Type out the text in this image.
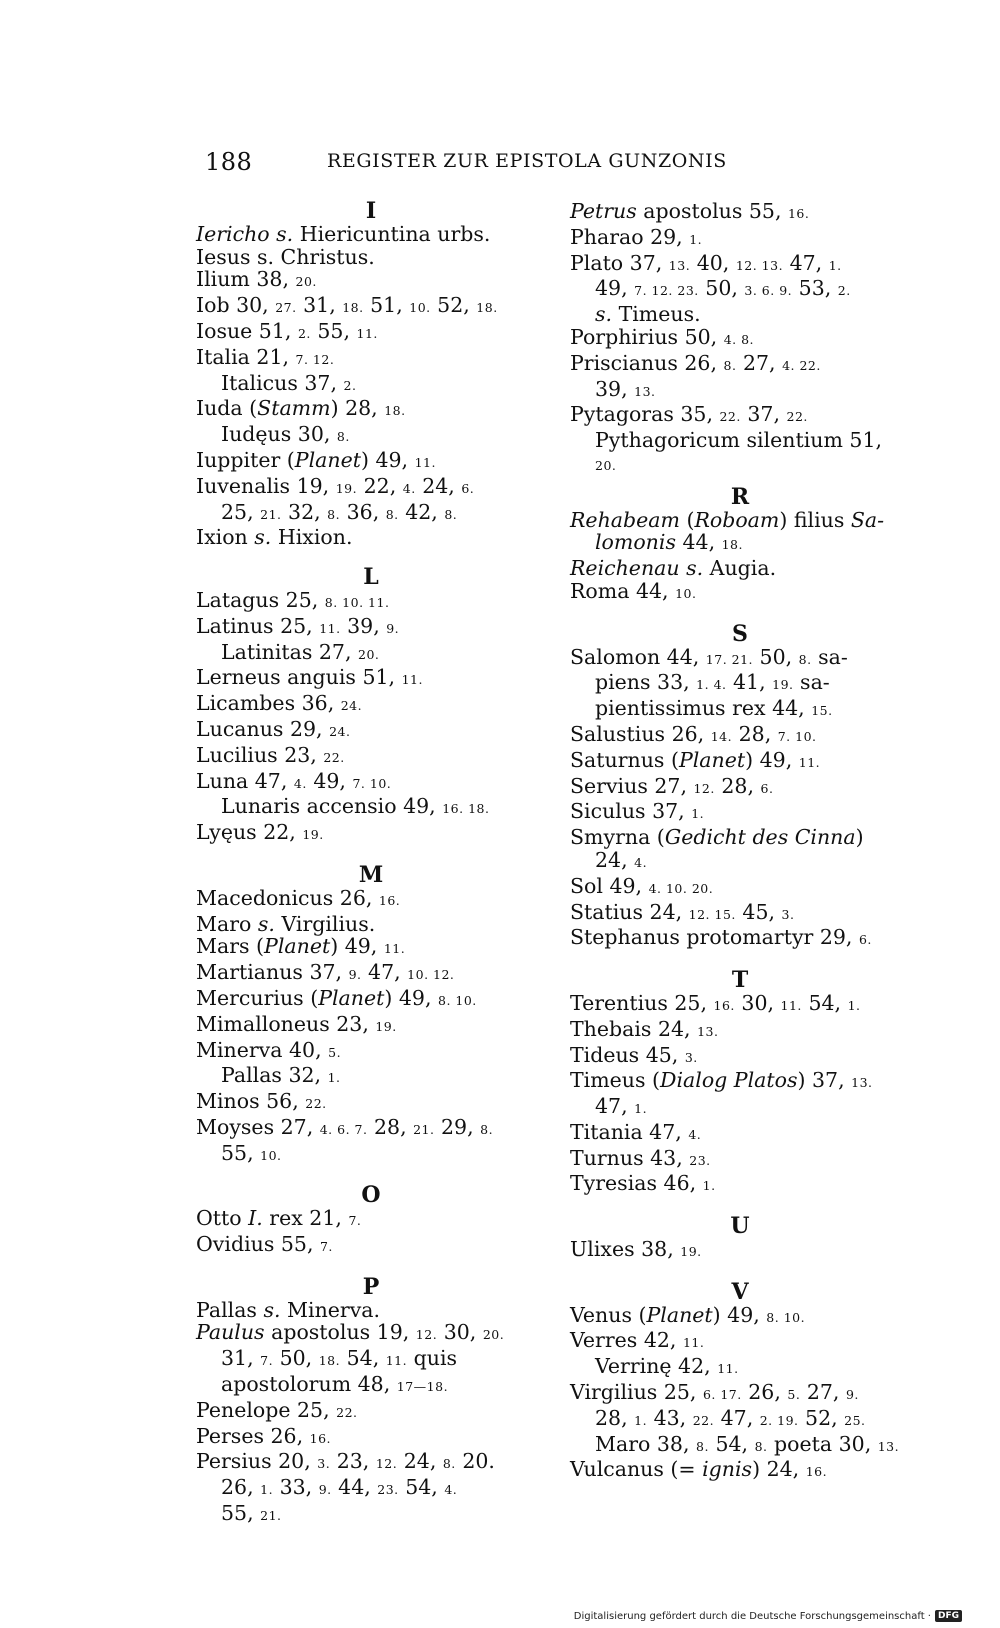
188	REGISTER ZUR EPISTOLA GUNZONIS
I
Iericho s. Hiericuntina urbs.
Iesus s. Christus.
Ilium 38, 20.
Iob 30, 27. 31, 18. 51, 10. 52, 18.
Iosue 51, 2. 55, 11.
Italia 21, 7. 12.
Italicus 37, 2.
Iuda (Stamm) 28, 18.
Iudęus 30, 8.
Iuppiter (Planet) 49, 11.
Iuvenalis 19, 19. 22, 4. 24, 6.
25, 21. 32, 8. 36, 8. 42, 8.
Ixion s. Hixion.
L
Latagus 25, 8. 10. 11.
Latinus 25, 11. 39, 9.
Latinitas 27, 20.
Lerneus anguis 51, 11.
Licambes 36, 24.
Lucanus 29, 24.
Lucilius 23, 22.
Luna 47, 4. 49, 7. 10.
Lunaris accensio 49, 16. 18.
Lyęus 22, 19.
M
Macedonicus 26, 16.
Maro s. Virgilius.
Mars (Planet) 49, 11.
Martianus 37, 9. 47, 10. 12.
Mercurius (Planet) 49, 8. 10.
Mimalloneus 23, 19.
Minerva 40, 5.
Pallas 32, 1.
Minos 56, 22.
Moyses 27, 4. 6. 7. 28, 21. 29, 8.
55, 10.
O
Otto I. rex 21, 7.
Ovidius 55, 7.
P
Pallas s. Minerva.
Paulus apostolus 19, 12. 30, 20.
31, 7. 50, 18. 54, 11. quis
apostolorum 48, 17—18.
Penelope 25, 22.
Perses 26, 16.
Persius 20, 3. 23, 12. 24, 8. 20.
26, 1. 33, 9. 44, 23. 54, 4.
55, 21.
Petrus apostolus 55, 16.
Pharao 29, 1.
Plato 37, 13. 40, 12. 13. 47, 1.
49, 7. 12. 23. 50, 3. 6. 9. 53, 2.
s. Timeus.
Porphirius 50, 4. 8.
Priscianus 26, 8. 27, 4. 22.
39, 13.
Pytagoras 35, 22. 37, 22.
Pythagoricum silentium 51,
20.
R
Rehabeam (Roboam) filius Sa-
lomonis 44, 18.
Reichenau s. Augia.
Roma 44, 10.
S
Salomon 44, 17. 21. 50, 8. sa-
piens 33, 1. 4. 41, 19. sa-
pientissimus rex 44, 15.
Salustius 26, 14. 28, 7. 10.
Saturnus (Planet) 49, 11.
Servius 27, 12. 28, 6.
Siculus 37, 1.
Smyrna (Gedicht des Cinna)
24, 4.
Sol 49, 4. 10. 20.
Statius 24, 12. 15. 45, 3.
Stephanus protomartyr 29, 6.
T
Terentius 25, 16. 30, 11. 54, 1.
Thebais 24, 13.
Tideus 45, 3.
Timeus (Dialog Platos) 37, 13.
47, 1.
Titania 47, 4.
Turnus 43, 23.
Tyresias 46, 1.
U
Ulixes 38, 19.
V
Venus (Planet) 49, 8. 10.
Verres 42, 11.
Verrinę 42, 11.
Virgilius 25, 6. 17. 26, 5. 27, 9.
28, 1. 43, 22. 47, 2. 19. 52, 25.
Maro 38, 8. 54, 8. poeta 30, 13.
Vulcanus (= ignis) 24, 16.
Digitalisierung gefördert durch die Deutsche Forschungsgemeinschaft · DFG
